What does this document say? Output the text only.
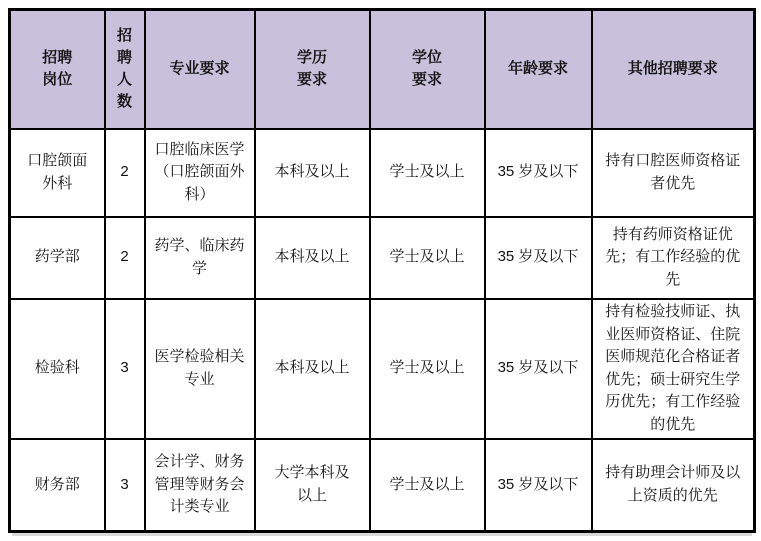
招聘岗位	招聘人数	专业要求	学历要求	学位要求	年龄要求	其他招聘要求
口腔颌面外科	2	口腔临床医学（口腔颌面外科）	本科及以上	学士及以上	35 岁及以下	持有口腔医师资格证者优先
药学部	2	药学、临床药学	本科及以上	学士及以上	35 岁及以下	持有药师资格证优先；有工作经验的优先
检验科	3	医学检验相关专业	本科及以上	学士及以上	35 岁及以下	持有检验技师证、执业医师资格证、住院医师规范化合格证者优先；硕士研究生学历优先；有工作经验的优先
财务部	3	会计学、财务管理等财务会计类专业	大学本科及以上	学士及以上	35 岁及以下	持有助理会计师及以上资质的优先
